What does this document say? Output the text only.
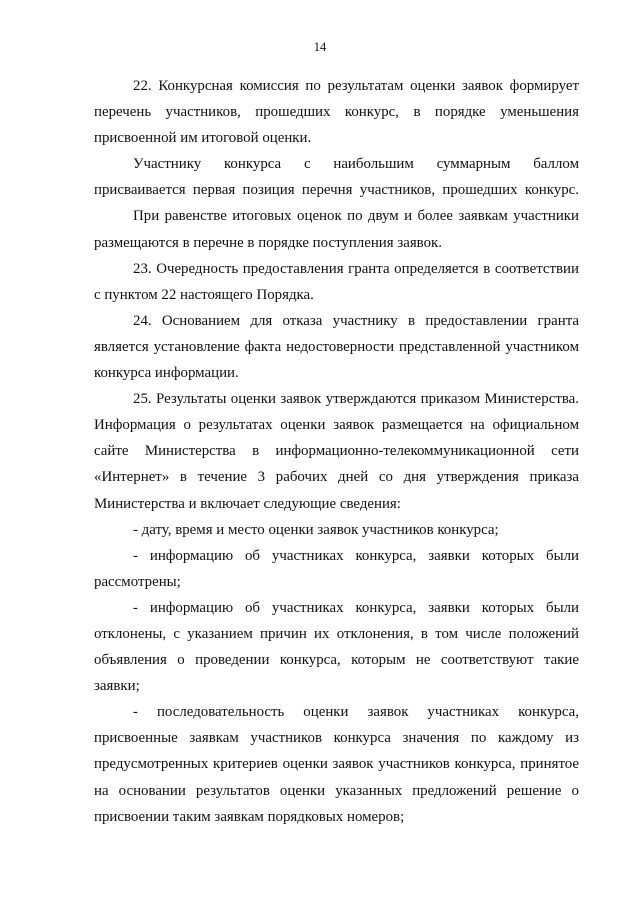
14

22. Конкурсная комиссия по результатам оценки заявок формирует
перечень участников, прошедших конкурс, в порядке уменьшения
присвоенной им итоговой оценки.

Участнику конкурса с наибольшим суммарным баллом
присваивается первая позиция перечня участников, прошедших конкурс.

При равенстве итоговых оценок по двум и более заявкам участники
размещаются в перечне в порядке поступления заявок.

23. Очередность предоставления гранта определяется в соответствии
с пунктом 22 настоящего Порядка.

24. Основанием для отказа участнику в предоставлении гранта
является установление факта недостоверности представленной участником
конкурса информации.

25. Результаты оценки заявок утверждаются приказом Министерства.
Информация о результатах оценки заявок размещается на официальном
сайте Министерства в информационно-телекоммуникационной сети
«Интернет» в течение 3 рабочих дней со дня утверждения приказа
Министерства и включает следующие сведения:

- дату, время и место оценки заявок участников конкурса;

- информацию об участниках конкурса, заявки которых были
рассмотрены;

- информацию об участниках конкурса, заявки которых были
отклонены, с указанием причин их отклонения, в том числе положений
объявления о проведении конкурса, которым не соответствуют такие
заявки;

- последовательность оценки заявок участниках конкурса,
присвоенные заявкам участников конкурса значения по каждому из
предусмотренных критериев оценки заявок участников конкурса, принятое
на основании результатов оценки указанных предложений решение о
присвоении таким заявкам порядковых номеров;
